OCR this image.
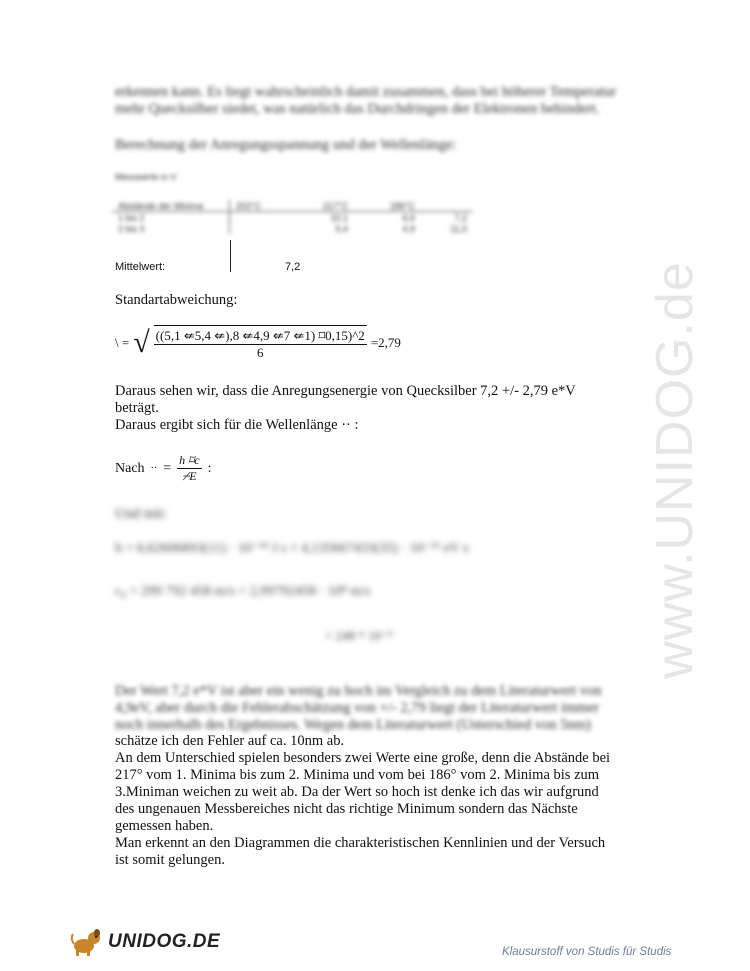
www.UNIDOG.de

erkennen kann. Es liegt wahrscheinlich damit zusammen, dass bei höherer Temperatur

mehr Quecksilber siedet, was natürlich das Durchdringen der Elektronen behindert.

Berechnung der Anregungsspannung und der Wellenlänge:

Messwerte in V
Abstände der Minima	202°C	217°C	186°C	
1 bis 2		10,1	6,6	7,2
2 bis 3		5,4	4,9	11,0
Mittelwert:	7,2

Standartabweichung:

\ = √ $\frac{((5,1 ⇍5,4 ⇍),8 ⇍4,9 ⇍7 ⇍1) ⌑0,15)\^{}2}{6} =2,79$

Daraus sehen wir, dass die Anregungsenergie von Quecksilber 7,2 +/- 2,79 e*V

beträgt.

Daraus ergibt sich für die Wellenlänge ·· :

Nach ·· = $\frac{h ⌑c}{⌿E}$ :

Und mit:

h = 6,62606893(11) · 10⁻³⁴ J s = 4,135667433(35) · 10⁻¹⁵ eV s

c₀ = 299 792 458 m/s = 2,99792458 · 10⁸ m/s

= 248 * 10⁻⁹

Der Wert 7,2 e*V ist aber ein wenig zu hoch im Vergleich zu dem Literaturwert von

4,9eV, aber durch die Fehlerabschätzung von +/- 2,79 liegt der Literaturwert immer

noch innerhalb des Ergebnisses. Wegen dem Literaturwert (Unterschied von 5nm)

schätze ich den Fehler auf ca. 10nm ab.

An dem Unterschied spielen besonders zwei Werte eine große, denn die Abstände bei

217° vom 1. Minima bis zum 2. Minima und vom bei 186° vom 2. Minima bis zum

3.Miniman weichen zu weit ab. Da der Wert so hoch ist denke ich das wir aufgrund

des ungenauen Messbereiches nicht das richtige Minimum sondern das Nächste

gemessen haben.

Man erkennt an den Diagrammen die charakteristischen Kennlinien und der Versuch

ist somit gelungen.

UNIDOG.DE	Klausurstoff von Studis für Studis
